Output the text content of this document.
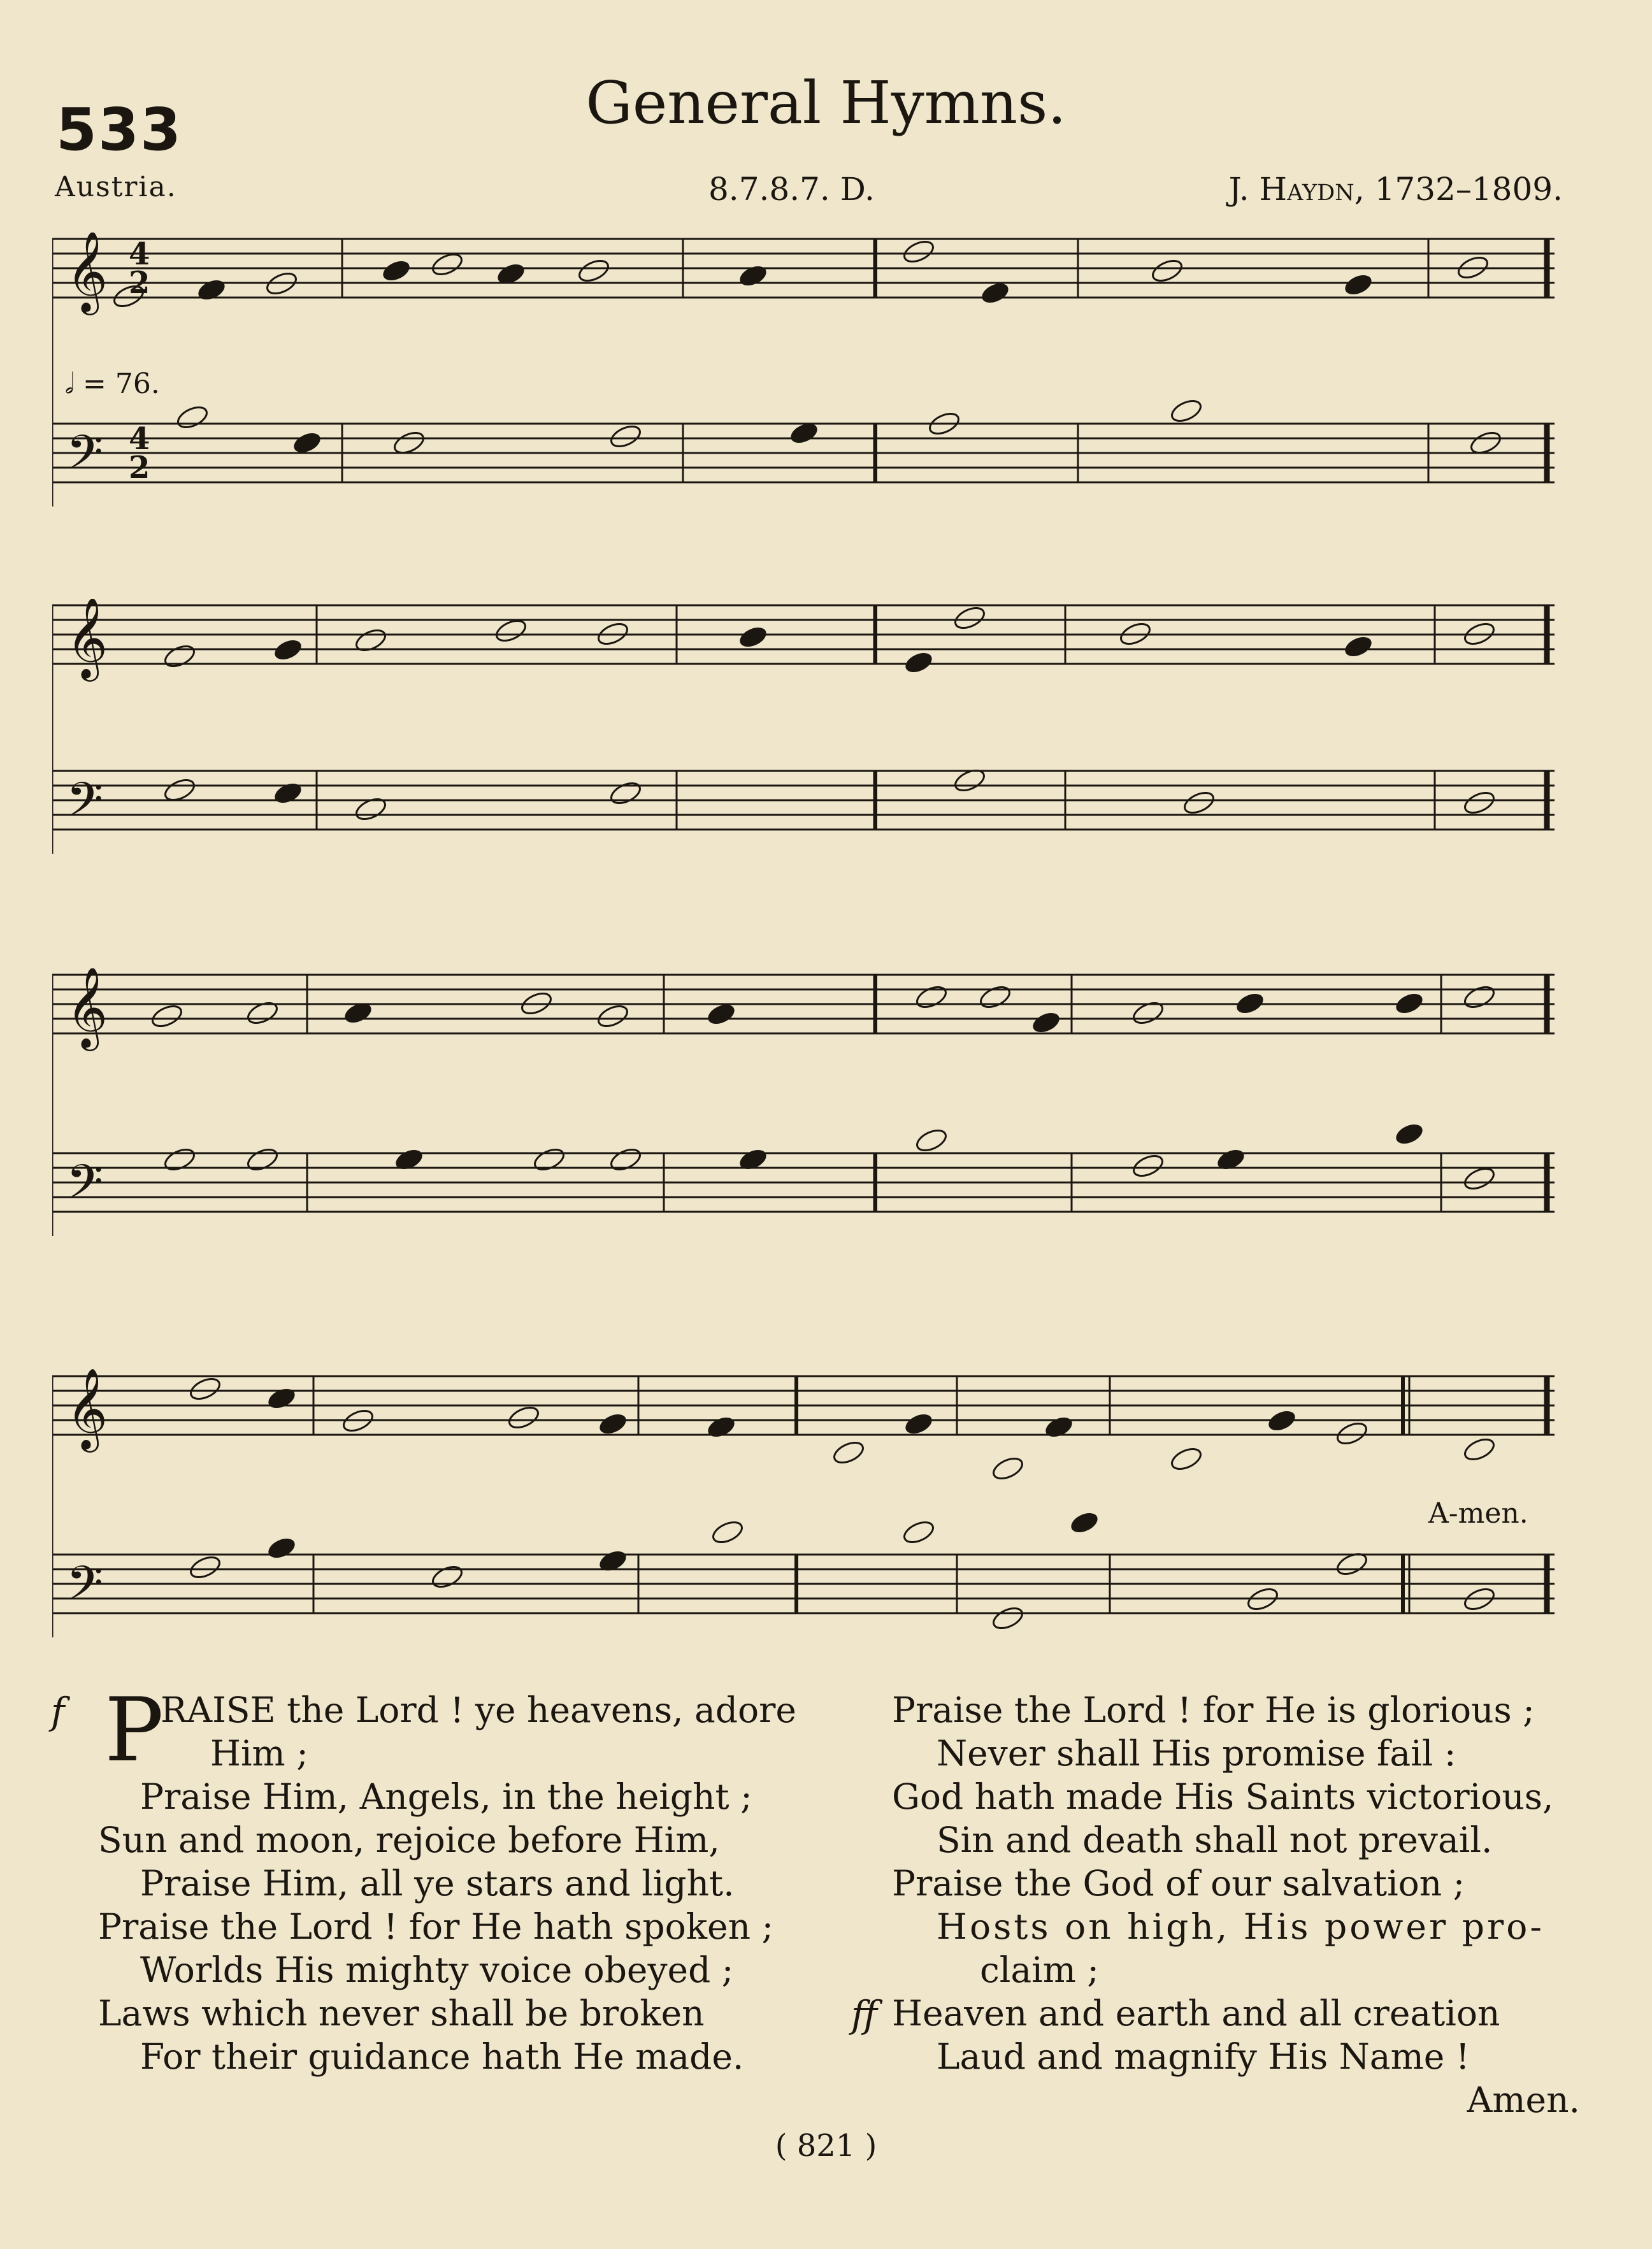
533	General Hymns.
Austria.	8.7.8.7. D.	J. Haydn, 1732–1809.
𝄞
𝄢
4
2
4
2
𝅗𝅥 = 76.
𝄞
𝄢
𝄞
𝄢
𝄞
𝄢
A-men.
f P
RAISE the Lord ! ye heavens, adore
Him ;
Praise Him, Angels, in the height ;
Sun and moon, rejoice before Him,
Praise Him, all ye stars and light.
Praise the Lord ! for He hath spoken ;
Worlds His mighty voice obeyed ;
Laws which never shall be broken
For their guidance hath He made.
Praise the Lord ! for He is glorious ;
Never shall His promise fail :
God hath made His Saints victorious,
Sin and death shall not prevail.
Praise the God of our salvation ;
Hosts on high, His power pro-
claim ;
ff Heaven and earth and all creation
Laud and magnify His Name !
Amen.
( 821 )
